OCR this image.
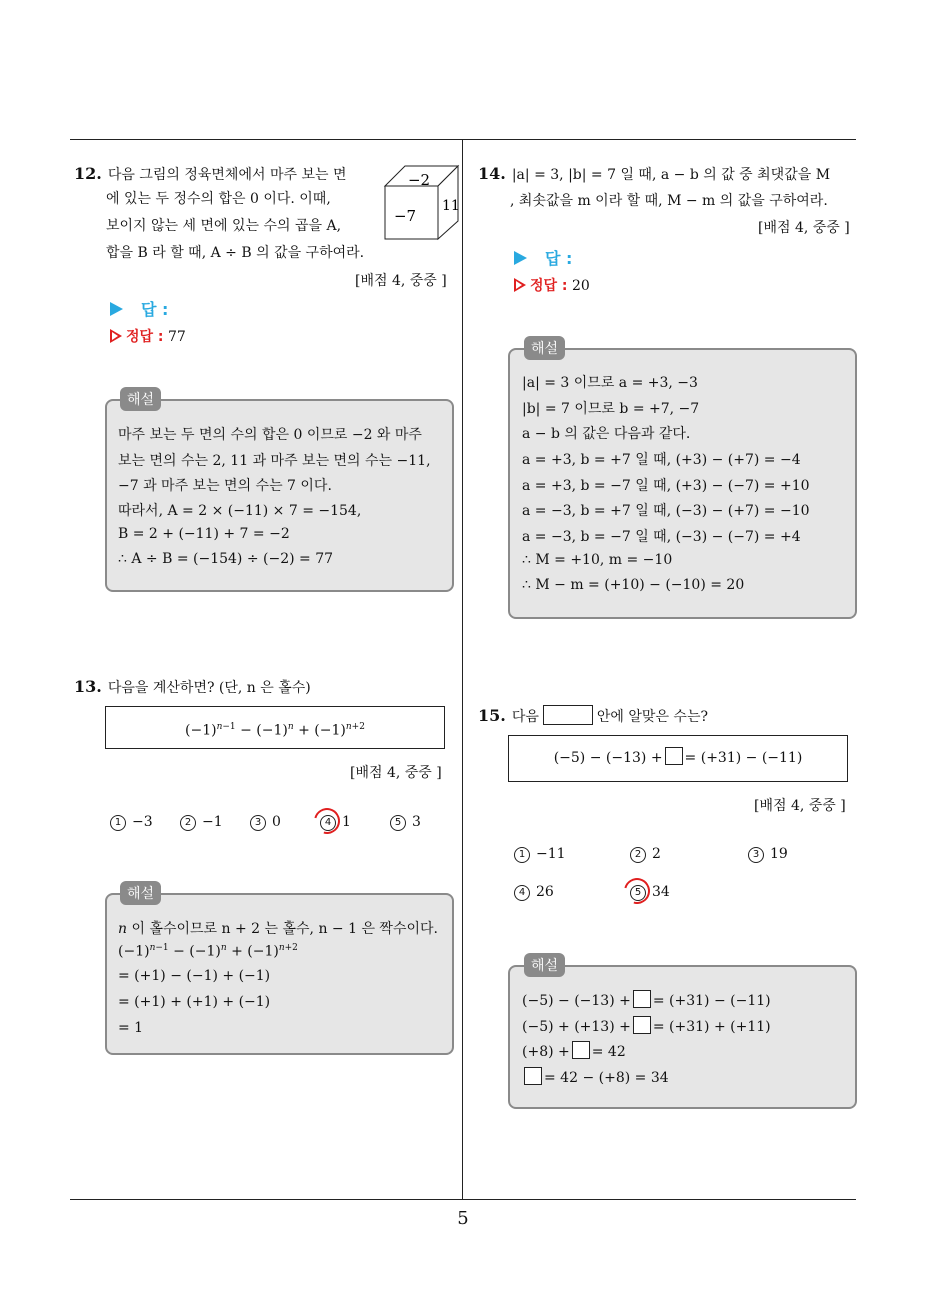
12. 다음 그림의 정육면체에서 마주 보는 면
에 있는 두 정수의 합은 0 이다. 이때,
보이지 않는 세 면에 있는 수의 곱을 A,
합을 B 라 할 때, A ÷ B 의 값을 구하여라.
−2
−7
11
[배점 4, 중중 ]
답 :
정답 : 77
해설
마주 보는 두 면의 수의 합은 0 이므로 −2 와 마주
보는 면의 수는 2, 11 과 마주 보는 면의 수는 −11,
−7 과 마주 보는 면의 수는 7 이다.
따라서, A = 2 × (−11) × 7 = −154,
B = 2 + (−11) + 7 = −2
∴ A ÷ B = (−154) ÷ (−2) = 77
13. 다음을 계산하면? (단, n 은 홀수)
$(-1)^{n-1} - (-1)^n + (-1)^{n+2}$
[배점 4, 중중 ]
1 −3	2 −1	3 0	4 1	5 3
해설
n 이 홀수이므로 n + 2 는 홀수, n − 1 은 짝수이다.
$(-1)^{n-1} - (-1)^n + (-1)^{n+2}$
= (+1) − (−1) + (−1)
= (+1) + (+1) + (−1)
= 1
14. |a| = 3, |b| = 7 일 때, a − b 의 값 중 최댓값을 M
, 최솟값을 m 이라 할 때, M − m 의 값을 구하여라.
[배점 4, 중중 ]
답 :
정답 : 20
해설
|a| = 3 이므로 a = +3, −3
|b| = 7 이므로 b = +7, −7
a − b 의 값은 다음과 같다.
a = +3, b = +7 일 때, (+3) − (+7) = −4
a = +3, b = −7 일 때, (+3) − (−7) = +10
a = −3, b = +7 일 때, (−3) − (+7) = −10
a = −3, b = −7 일 때, (−3) − (−7) = +4
∴ M = +10, m = −10
∴ M − m = (+10) − (−10) = 20
15. 다음	안에 알맞은 수는?
(−5) − (−13) + = (+31) − (−11)
[배점 4, 중중 ]
1 −11	2 2	3 19
4 26	5 34
해설
(−5) − (−13) + = (+31) − (−11)
(−5) + (+13) + = (+31) + (+11)
(+8) + = 42
= 42 − (+8) = 34
5
